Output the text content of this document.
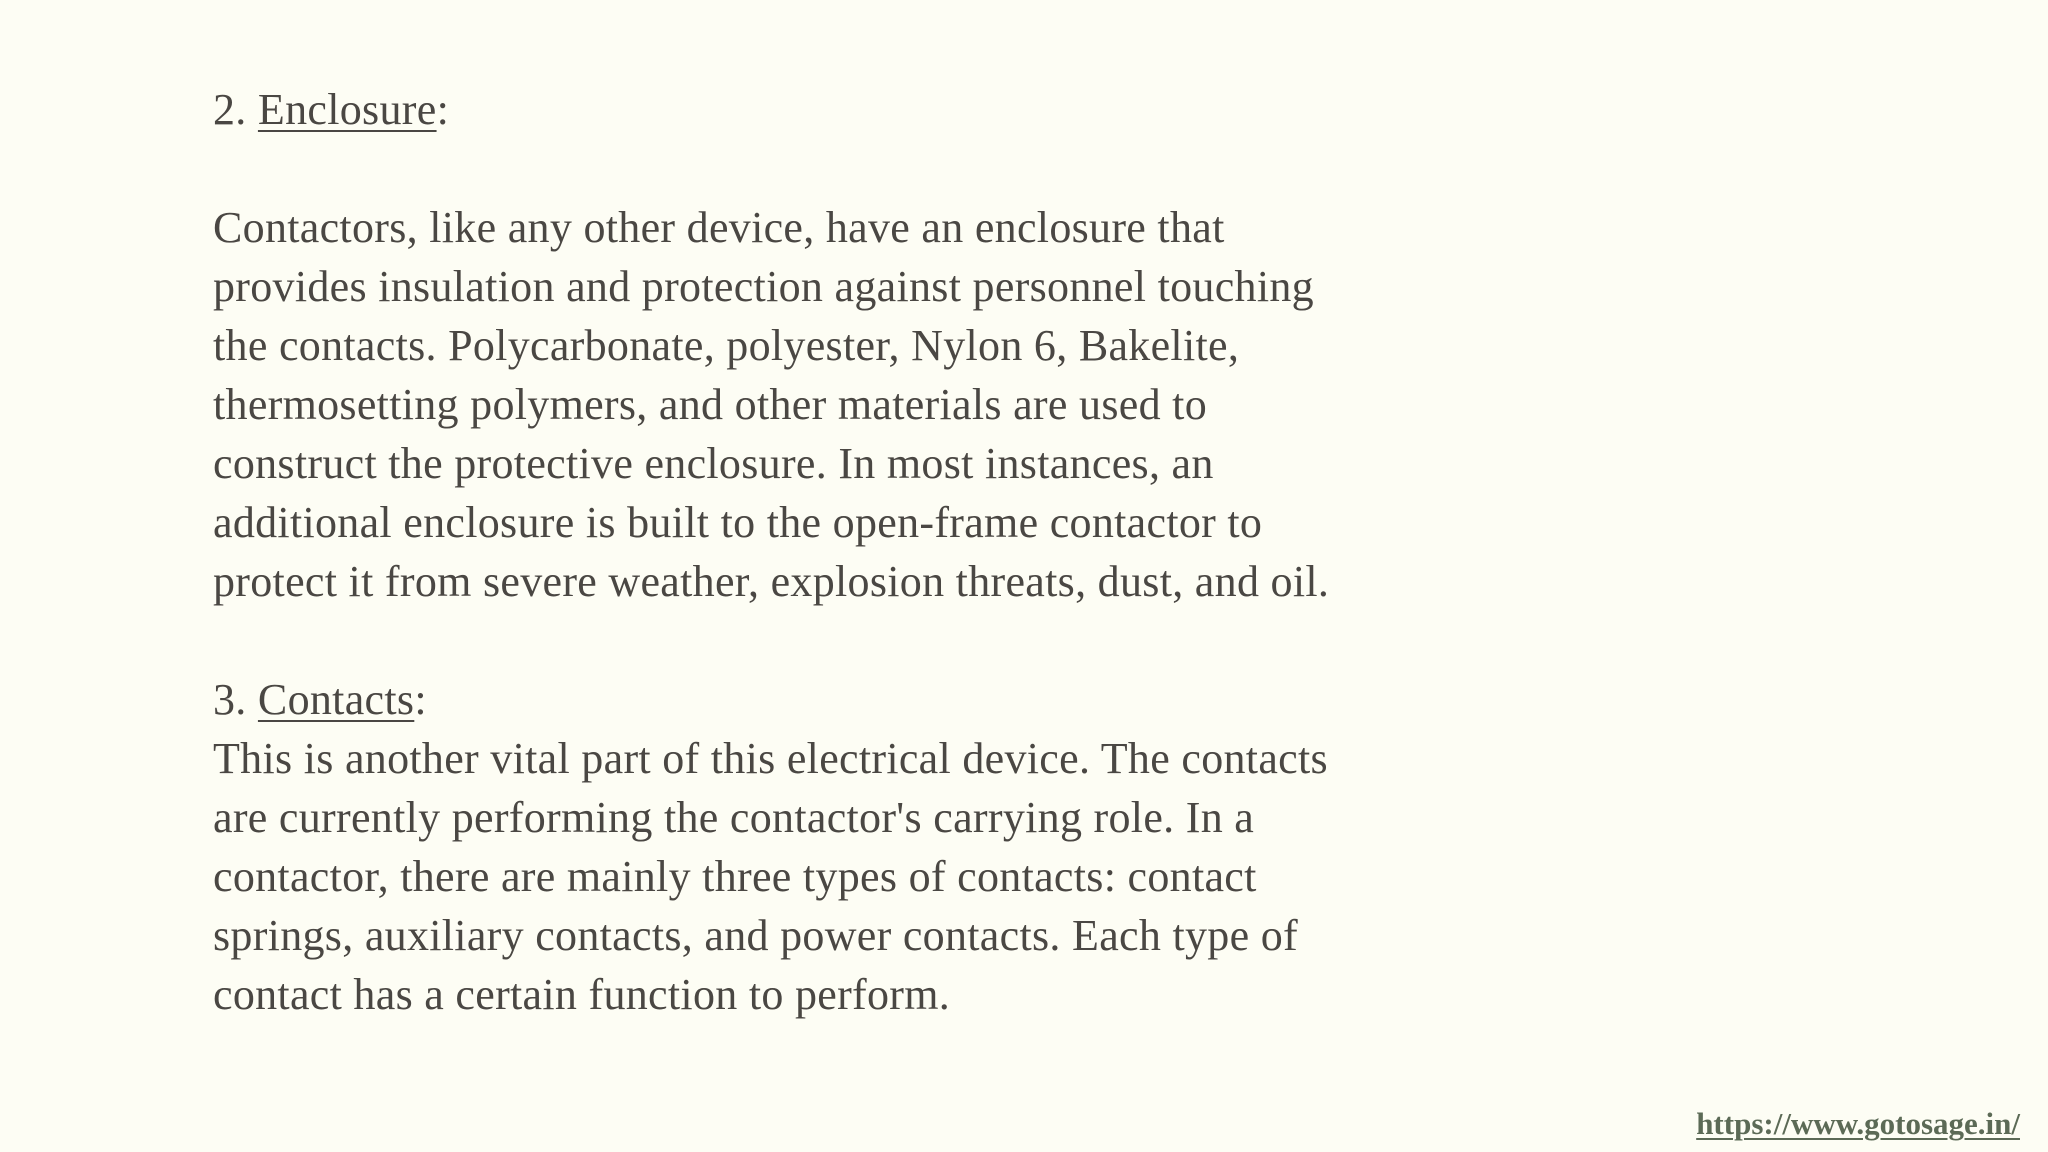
2. Enclosure:

Contactors, like any other device, have an enclosure that
provides insulation and protection against personnel touching
the contacts. Polycarbonate, polyester, Nylon 6, Bakelite,
thermosetting polymers, and other materials are used to
construct the protective enclosure. In most instances, an
additional enclosure is built to the open-frame contactor to
protect it from severe weather, explosion threats, dust, and oil.

3. Contacts:

This is another vital part of this electrical device. The contacts
are currently performing the contactor's carrying role. In a
contactor, there are mainly three types of contacts: contact
springs, auxiliary contacts, and power contacts. Each type of
contact has a certain function to perform.

https://www.gotosage.in/
